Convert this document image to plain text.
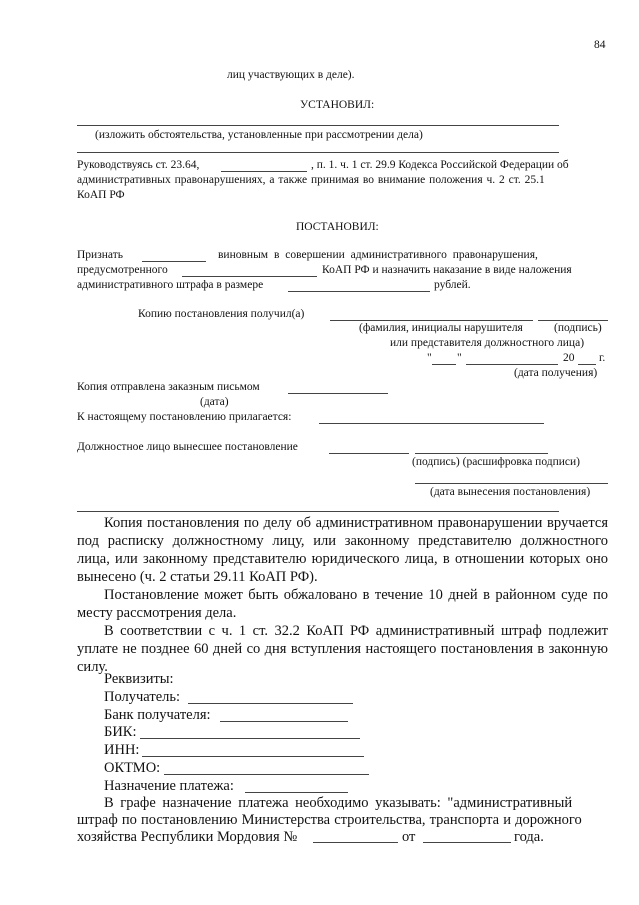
84
лиц участвующих в деле).
УСТАНОВИЛ:
(изложить обстоятельства, установленные при рассмотрении дела)
Руководствуясь ст. 23.64,	, п. 1. ч. 1 ст. 29.9 Кодекса Российской Федерации об
административных правонарушениях, а также принимая во внимание положения ч. 2 ст. 25.1
КоАП РФ
ПОСТАНОВИЛ:
Признать	виновным в совершении административного правонарушения,
предусмотренного	КоАП РФ и назначить наказание в виде наложения
административного штрафа в размере	рублей.
Копию постановления получил(а)
(фамилия, инициалы нарушителя	(подпись)
или представителя должностного лица)
" "	20 г.
(дата получения)
Копия отправлена заказным письмом
(дата)
К настоящему постановлению прилагается:
Должностное лицо вынесшее постановление
(подпись) (расшифровка подписи)
(дата вынесения постановления)
Копия постановления по делу об административном правонарушении вручается под расписку должностному лицу, или законному представителю должностного лица, или законному представителю юридического лица, в отношении которых оно вынесено (ч. 2 статьи 29.11 КоАП РФ).
Постановление может быть обжаловано в течение 10 дней в районном суде по месту рассмотрения дела.
В соответствии с ч. 1 ст. 32.2 КоАП РФ административный штраф подлежит уплате не позднее 60 дней со дня вступления настоящего постановления в законную силу.
Реквизиты:
Получатель:
Банк получателя:
БИК:
ИНН:
ОКТМО:
Назначение платежа:
В графе назначение платежа необходимо указывать: "административный
штраф по постановлению Министерства строительства, транспорта и дорожного
хозяйства Республики Мордовия №	от	года.
